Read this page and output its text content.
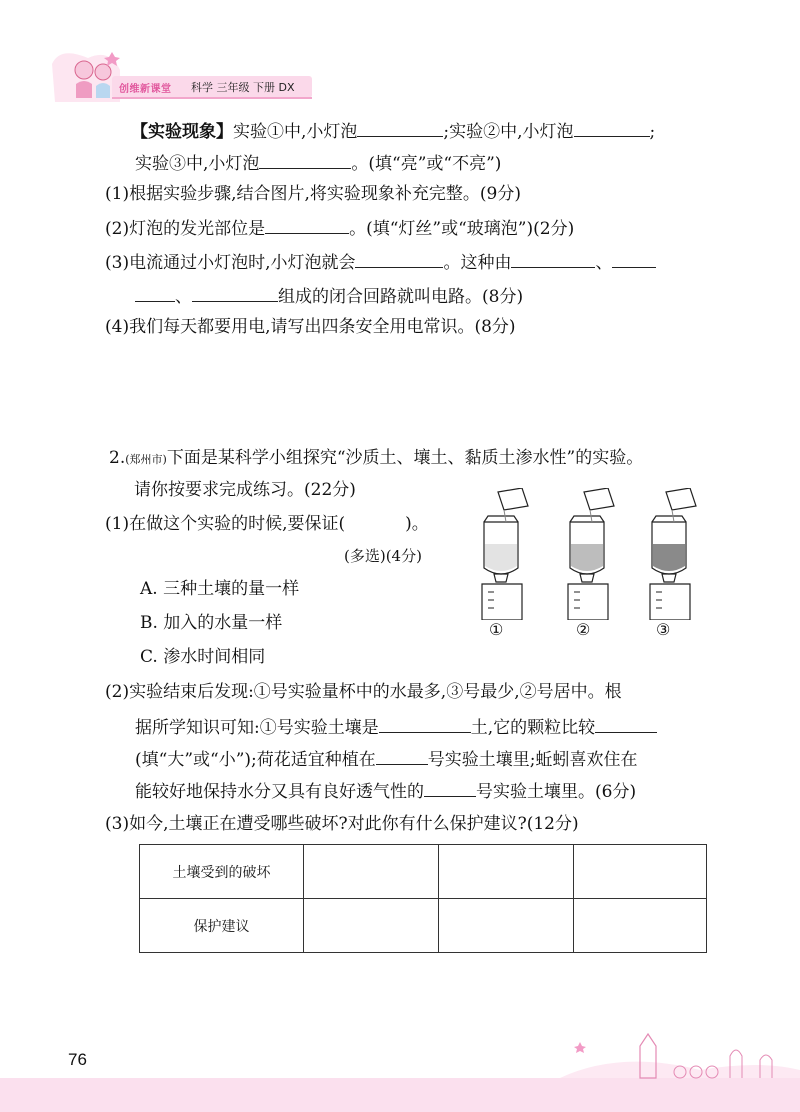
创维新课堂 科学 三年级 下册 DX
【实验现象】实验①中,小灯泡	;实验②中,小灯泡	;
实验③中,小灯泡	。(填“亮”或“不亮”)
(1)根据实验步骤,结合图片,将实验现象补充完整。(9分)
(2)灯泡的发光部位是	。(填“灯丝”或“玻璃泡”)(2分)
(3)电流通过小灯泡时,小灯泡就会	。这种由	、
、	组成的闭合回路就叫电路。(8分)
(4)我们每天都要用电,请写出四条安全用电常识。(8分)
2.(郑州市)下面是某科学小组探究“沙质土、壤土、黏质土渗水性”的实验。
请你按要求完成练习。(22分)
(1)在做这个实验的时候,要保证(	)。
(多选)(4分)
A. 三种土壤的量一样
B. 加入的水量一样
C. 渗水时间相同
①	②	③
(2)实验结束后发现:①号实验量杯中的水最多,③号最少,②号居中。根
据所学知识可知:①号实验土壤是	土,它的颗粒比较
(填“大”或“小”);荷花适宜种植在	号实验土壤里;蚯蚓喜欢住在
能较好地保持水分又具有良好透气性的	号实验土壤里。(6分)
(3)如今,土壤正在遭受哪些破坏?对此你有什么保护建议?(12分)
土壤受到的破坏			
保护建议			
76
